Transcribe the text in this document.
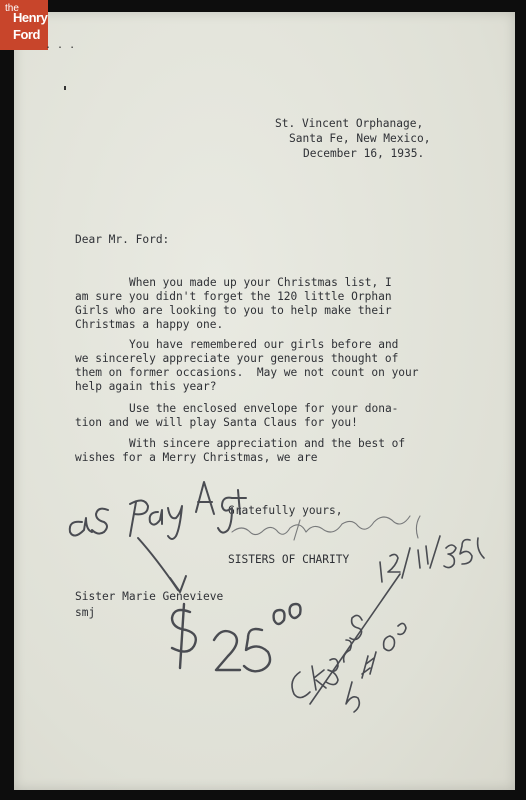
the
Henry
Ford
. . .
St. Vincent Orphanage,
Santa Fe, New Mexico,
December 16, 1935.
Dear Mr. Ford:
When you made up your Christmas list, I
am sure you didn't forget the 120 little Orphan
Girls who are looking to you to help make their
Christmas a happy one.
You have remembered our girls before and
we sincerely appreciate your generous thought of
them on former occasions.  May we not count on your
help again this year?
Use the enclosed envelope for your dona-
tion and we will play Santa Claus for you!
With sincere appreciation and the best of
wishes for a Merry Christmas, we are
Gratefully yours,
SISTERS OF CHARITY
Sister Marie Genevieve
smj
